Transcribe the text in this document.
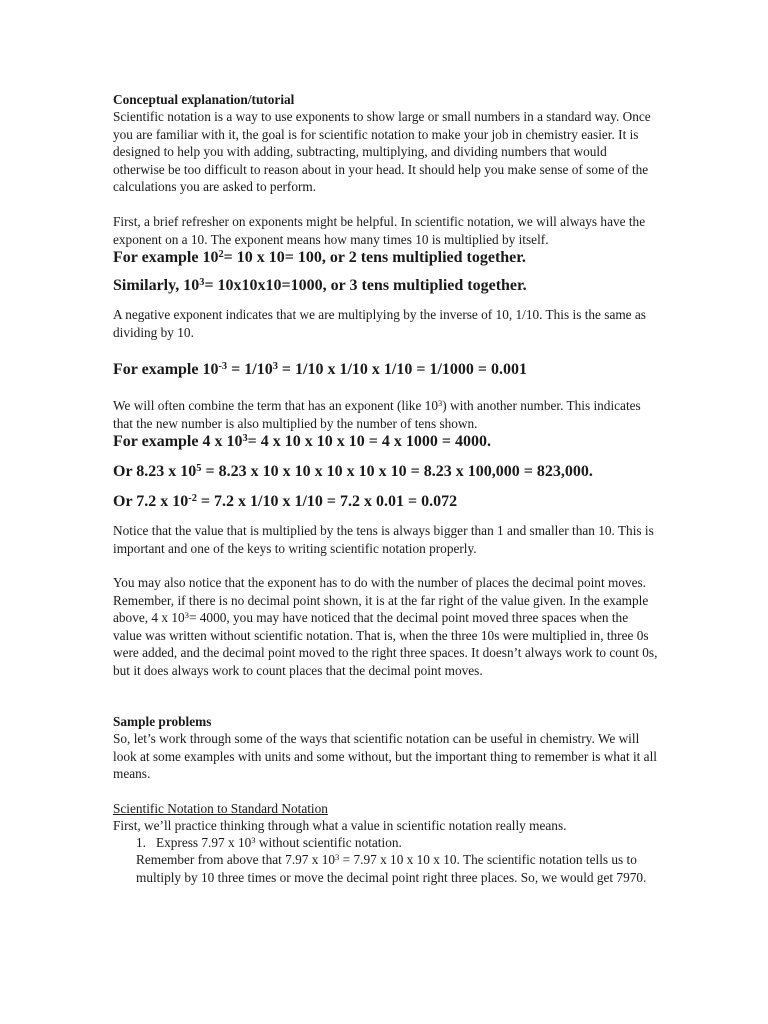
Conceptual explanation/tutorial

Scientific notation is a way to use exponents to show large or small numbers in a standard way. Once you are familiar with it, the goal is for scientific notation to make your job in chemistry easier. It is designed to help you with adding, subtracting, multiplying, and dividing numbers that would otherwise be too difficult to reason about in your head. It should help you make sense of some of the calculations you are asked to perform.

First, a brief refresher on exponents might be helpful. In scientific notation, we will always have the exponent on a 10. The exponent means how many times 10 is multiplied by itself.

For example $10^2= 10$ x 10= 100, or 2 tens multiplied together.
Similarly, $10^3= 10x10x10=1000$, or 3 tens multiplied together.

A negative exponent indicates that we are multiplying by the inverse of 10, 1/10. This is the same as dividing by 10.

For example $10^{-3} = 1/10^3 = 1/10$ x 1/10 x 1/10 = 1/1000 = 0.001

We will often combine the term that has an exponent (like $10^3$) with another number. This indicates that the new number is also multiplied by the number of tens shown.

For example 4 x $10^3= 4$ x 10 x 10 x 10 = 4 x 1000 = 4000.
Or 8.23 x $10^5 = 8.23$ x 10 x 10 x 10 x 10 x 10 = 8.23 x 100,000 = 823,000.
Or 7.2 x $10^{-2} = 7.2$ x 1/10 x 1/10 = 7.2 x 0.01 = 0.072

Notice that the value that is multiplied by the tens is always bigger than 1 and smaller than 10. This is important and one of the keys to writing scientific notation properly.

You may also notice that the exponent has to do with the number of places the decimal point moves. Remember, if there is no decimal point shown, it is at the far right of the value given. In the example above, 4 x $10^3= 4000$, you may have noticed that the decimal point moved three spaces when the value was written without scientific notation. That is, when the three 10s were multiplied in, three 0s were added, and the decimal point moved to the right three spaces. It doesn’t always work to count 0s, but it does always work to count places that the decimal point moves.

Sample problems

So, let’s work through some of the ways that scientific notation can be useful in chemistry. We will look at some examples with units and some without, but the important thing to remember is what it all means.

Scientific Notation to Standard Notation
First, we’ll practice thinking through what a value in scientific notation really means.
1. Express 7.97 x $10^3$ without scientific notation.

Remember from above that 7.97 x $10^3 = 7.97$ x 10 x 10 x 10. The scientific notation tells us to multiply by 10 three times or move the decimal point right three places. So, we would get 7970.
